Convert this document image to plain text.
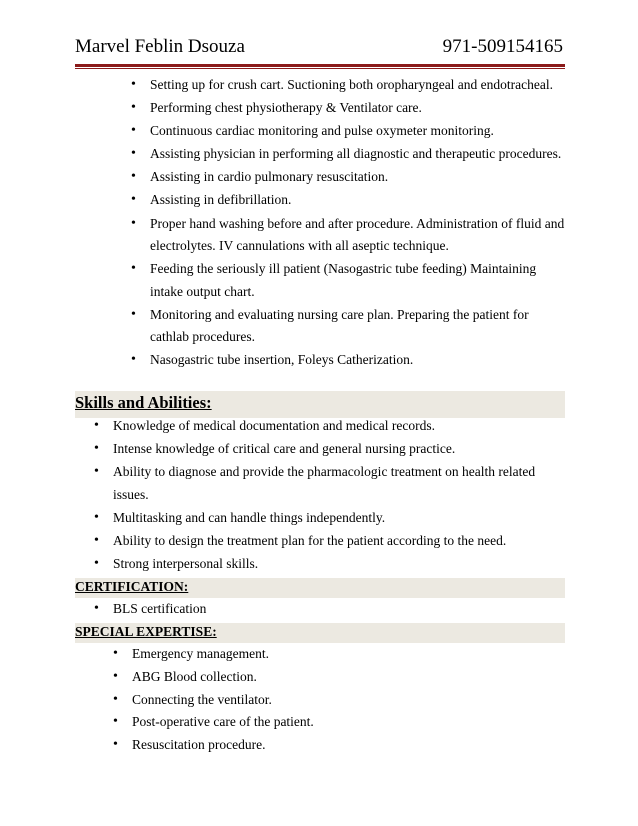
Marvel Feblin Dsouza	971-509154165
• Setting up for crush cart. Suctioning both oropharyngeal and endotracheal.
• Performing chest physiotherapy & Ventilator care.
• Continuous cardiac monitoring and pulse oxymeter monitoring.
• Assisting physician in performing all diagnostic and therapeutic procedures.
• Assisting in cardio pulmonary resuscitation.
• Assisting in defibrillation.
• Proper hand washing before and after procedure. Administration of fluid and electrolytes. IV cannulations with all aseptic technique.
• Feeding the seriously ill patient (Nasogastric tube feeding) Maintaining intake output chart.
• Monitoring and evaluating nursing care plan. Preparing the patient for cathlab procedures.
• Nasogastric tube insertion, Foleys Catherization.
Skills and Abilities:
• Knowledge of medical documentation and medical records.
• Intense knowledge of critical care and general nursing practice.
• Ability to diagnose and provide the pharmacologic treatment on health related issues.
• Multitasking and can handle things independently.
• Ability to design the treatment plan for the patient according to the need.
• Strong interpersonal skills.
CERTIFICATION:
• BLS certification
SPECIAL EXPERTISE:
• Emergency management.
• ABG Blood collection.
• Connecting the ventilator.
• Post-operative care of the patient.
• Resuscitation procedure.
